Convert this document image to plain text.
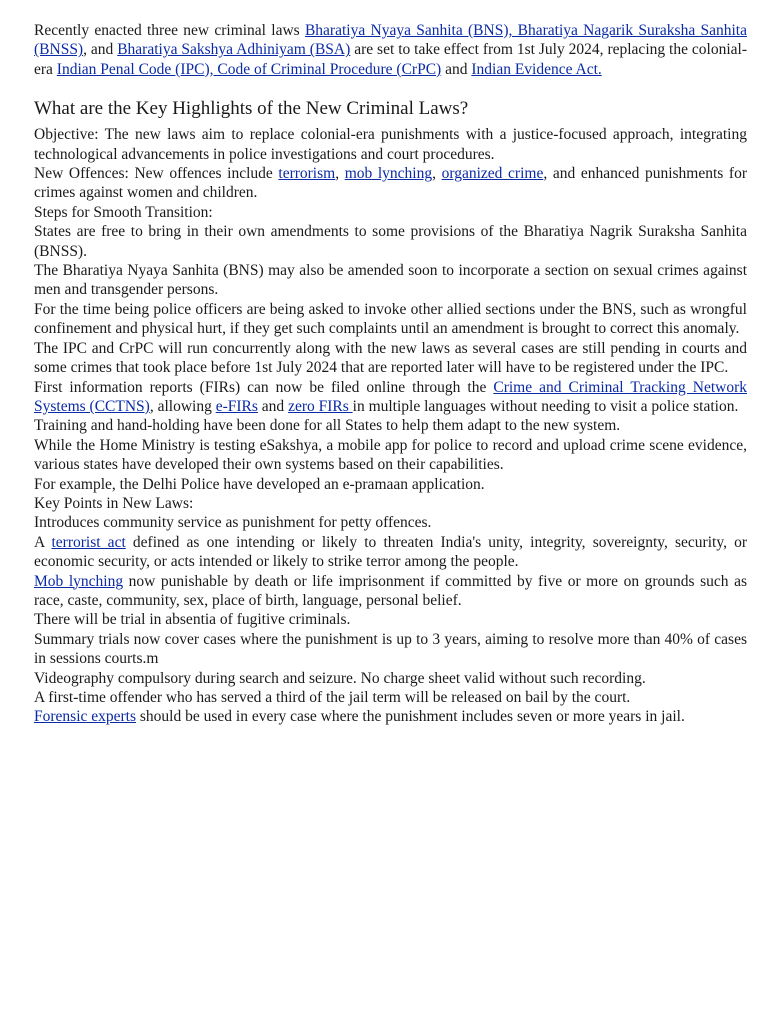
Recently enacted three new criminal laws Bharatiya Nyaya Sanhita (BNS), Bharatiya Nagarik Suraksha Sanhita (BNSS), and Bharatiya Sakshya Adhiniyam (BSA) are set to take effect from 1st July 2024, replacing the colonial-era Indian Penal Code (IPC), Code of Criminal Procedure (CrPC) and Indian Evidence Act.

What are the Key Highlights of the New Criminal Laws?

Objective: The new laws aim to replace colonial-era punishments with a justice-focused approach, integrating technological advancements in police investigations and court procedures.

New Offences: New offences include terrorism, mob lynching, organized crime, and enhanced punishments for crimes against women and children.

Steps for Smooth Transition:

States are free to bring in their own amendments to some provisions of the Bharatiya Nagrik Suraksha Sanhita (BNSS).

The Bharatiya Nyaya Sanhita (BNS) may also be amended soon to incorporate a section on sexual crimes against men and transgender persons.

For the time being police officers are being asked to invoke other allied sections under the BNS, such as wrongful confinement and physical hurt, if they get such complaints until an amendment is brought to correct this anomaly.

The IPC and CrPC will run concurrently along with the new laws as several cases are still pending in courts and some crimes that took place before 1st July 2024 that are reported later will have to be registered under the IPC.

First information reports (FIRs) can now be filed online through the Crime and Criminal Tracking Network Systems (CCTNS), allowing e-FIRs and zero FIRs in multiple languages without needing to visit a police station.

Training and hand-holding have been done for all States to help them adapt to the new system.

While the Home Ministry is testing eSakshya, a mobile app for police to record and upload crime scene evidence, various states have developed their own systems based on their capabilities.

For example, the Delhi Police have developed an e-pramaan application.

Key Points in New Laws:

Introduces community service as punishment for petty offences.

A terrorist act defined as one intending or likely to threaten India's unity, integrity, sovereignty, security, or economic security, or acts intended or likely to strike terror among the people.

Mob lynching now punishable by death or life imprisonment if committed by five or more on grounds such as race, caste, community, sex, place of birth, language, personal belief.

There will be trial in absentia of fugitive criminals.

Summary trials now cover cases where the punishment is up to 3 years, aiming to resolve more than 40% of cases in sessions courts.m

Videography compulsory during search and seizure. No charge sheet valid without such recording.

A first-time offender who has served a third of the jail term will be released on bail by the court.

Forensic experts should be used in every case where the punishment includes seven or more years in jail.
